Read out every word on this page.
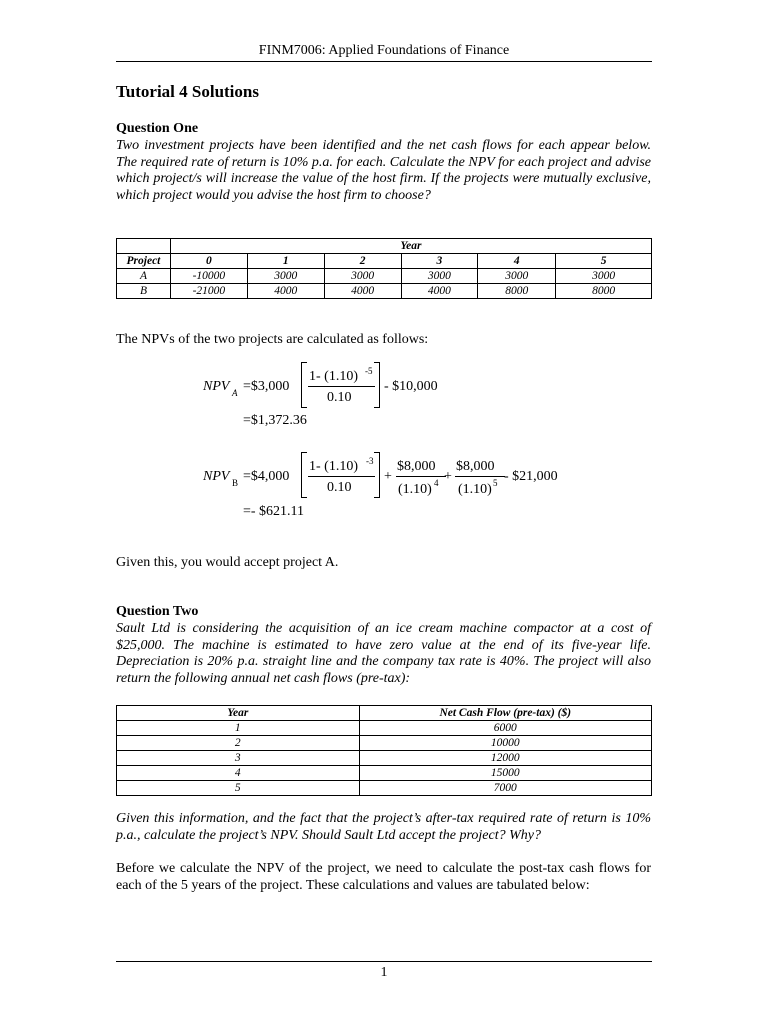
FINM7006: Applied Foundations of Finance
Tutorial 4 Solutions
Question One
Two investment projects have been identified and the net cash flows for each appear below. The required rate of return is 10% p.a. for each. Calculate the NPV for each project and advise which project/s will increase the value of the host firm. If the projects were mutually exclusive, which project would you advise the host firm to choose?
	Year					
Project	0	1	2	3	4	5
A	-10000	3000	3000	3000	3000	3000
B	-21000	4000	4000	4000	8000	8000
The NPVs of the two projects are calculated as follows:
NPV A =$3,000
1- (1.10) -5
0.10
- $10,000
=$1,372.36
NPV B =$4,000
1- (1.10) -3
0.10
+
$8,000
(1.10) 4 +
$8,000
(1.10) 5 - $21,000
=- $621.11
Given this, you would accept project A.
Question Two
Sault Ltd is considering the acquisition of an ice cream machine compactor at a cost of $25,000. The machine is estimated to have zero value at the end of its five-year life. Depreciation is 20% p.a. straight line and the company tax rate is 40%. The project will also return the following annual net cash flows (pre-tax):
Year	Net Cash Flow (pre-tax) ($)
1	6000
2	10000
3	12000
4	15000
5	7000
Given this information, and the fact that the project’s after-tax required rate of return is 10% p.a., calculate the project’s NPV. Should Sault Ltd accept the project? Why?
Before we calculate the NPV of the project, we need to calculate the post-tax cash flows for each of the 5 years of the project. These calculations and values are tabulated below:
1
